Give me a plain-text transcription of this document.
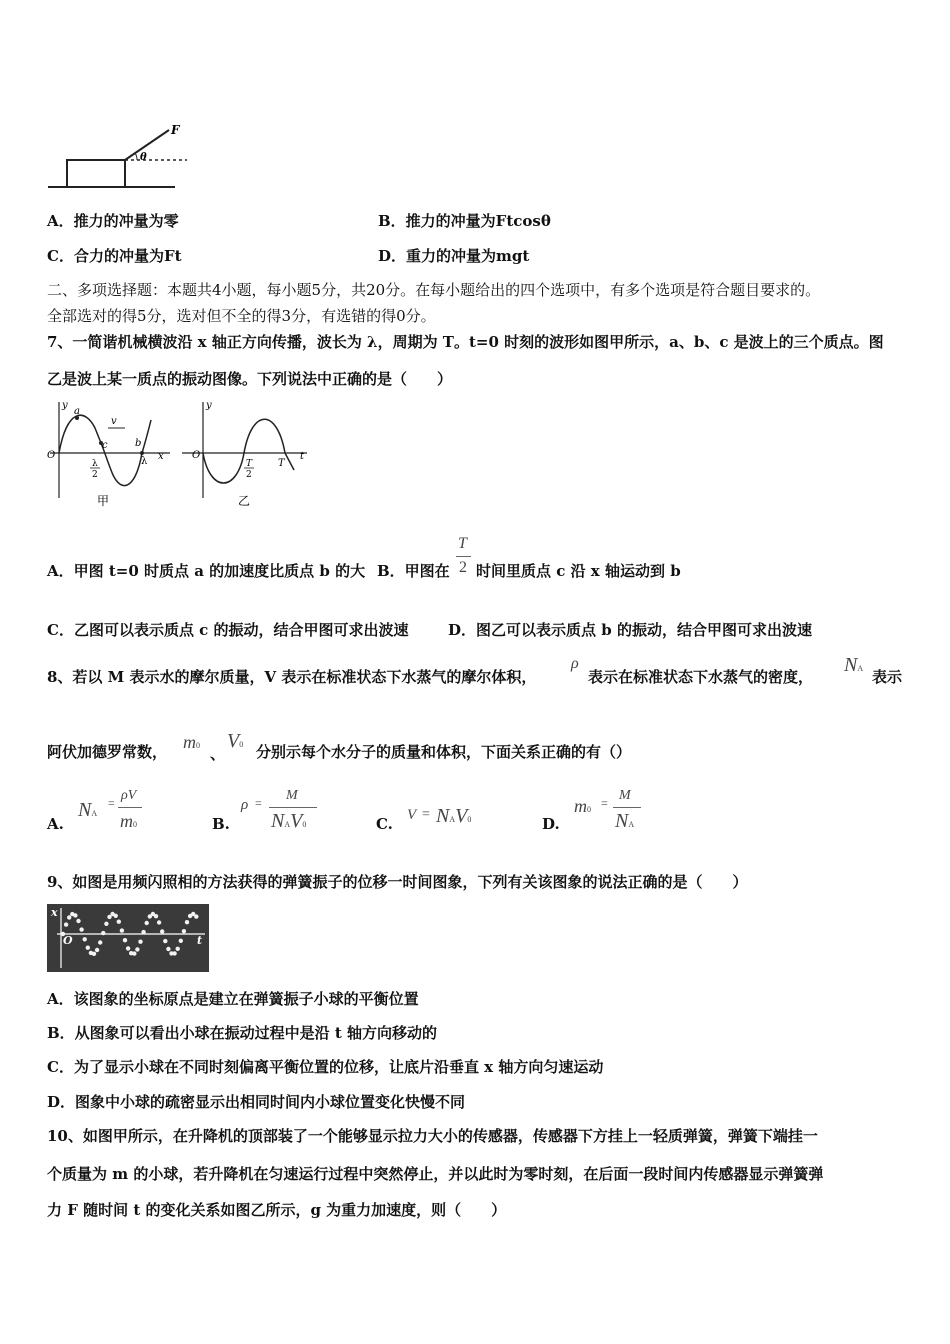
F
θ
A．推力的冲量为零	B．推力的冲量为Ftcosθ
C．合力的冲量为Ft	D．重力的冲量为mgt
二、多项选择题：本题共4小题，每小题5分，共20分。在每小题给出的四个选项中，有多个选项是符合题目要求的。
全部选对的得5分，选对但不全的得3分，有选错的得0分。
7、一简谐机械横波沿 x 轴正方向传播，波长为 λ，周期为 T。t=0 时刻的波形如图甲所示，a、b、c 是波上的三个质点。图
乙是波上某一质点的振动图像。下列说法中正确的是（　　）
y
a
v
c	b
O
λ
2
λ x
甲
y
O
T
2
T
t
乙
A．甲图 t=0 时质点 a 的加速度比质点 b 的大 B．甲图在
T
2 时间里质点 c 沿 x 轴运动到 b
C．乙图可以表示质点 c 的振动，结合甲图可求出波速	D．图乙可以表示质点 b 的振动，结合甲图可求出波速
8、若以 M 表示水的摩尔质量，V 表示在标准状态下水蒸气的摩尔体积，
ρ
表示在标准状态下水蒸气的密度，
NA 表示
阿伏加德罗常数， m0 、
V0 分别示每个水分子的质量和体积，下面关系正确的有（）
A.
NA
= ρV
m0	B.
ρ = M
NAV0	C. V = NAV0	D.
m0 = M
NA
9、如图是用频闪照相的方法获得的弹簧振子的位移一时间图象，下列有关该图象的说法正确的是（　　）
x
O	t
A．该图象的坐标原点是建立在弹簧振子小球的平衡位置
B．从图象可以看出小球在振动过程中是沿 t 轴方向移动的
C．为了显示小球在不同时刻偏离平衡位置的位移，让底片沿垂直 x 轴方向匀速运动
D．图象中小球的疏密显示出相同时间内小球位置变化快慢不同
10、如图甲所示，在升降机的顶部装了一个能够显示拉力大小的传感器，传感器下方挂上一轻质弹簧，弹簧下端挂一
个质量为 m 的小球，若升降机在匀速运行过程中突然停止，并以此时为零时刻，在后面一段时间内传感器显示弹簧弹
力 F 随时间 t 的变化关系如图乙所示，g 为重力加速度，则（　　）
